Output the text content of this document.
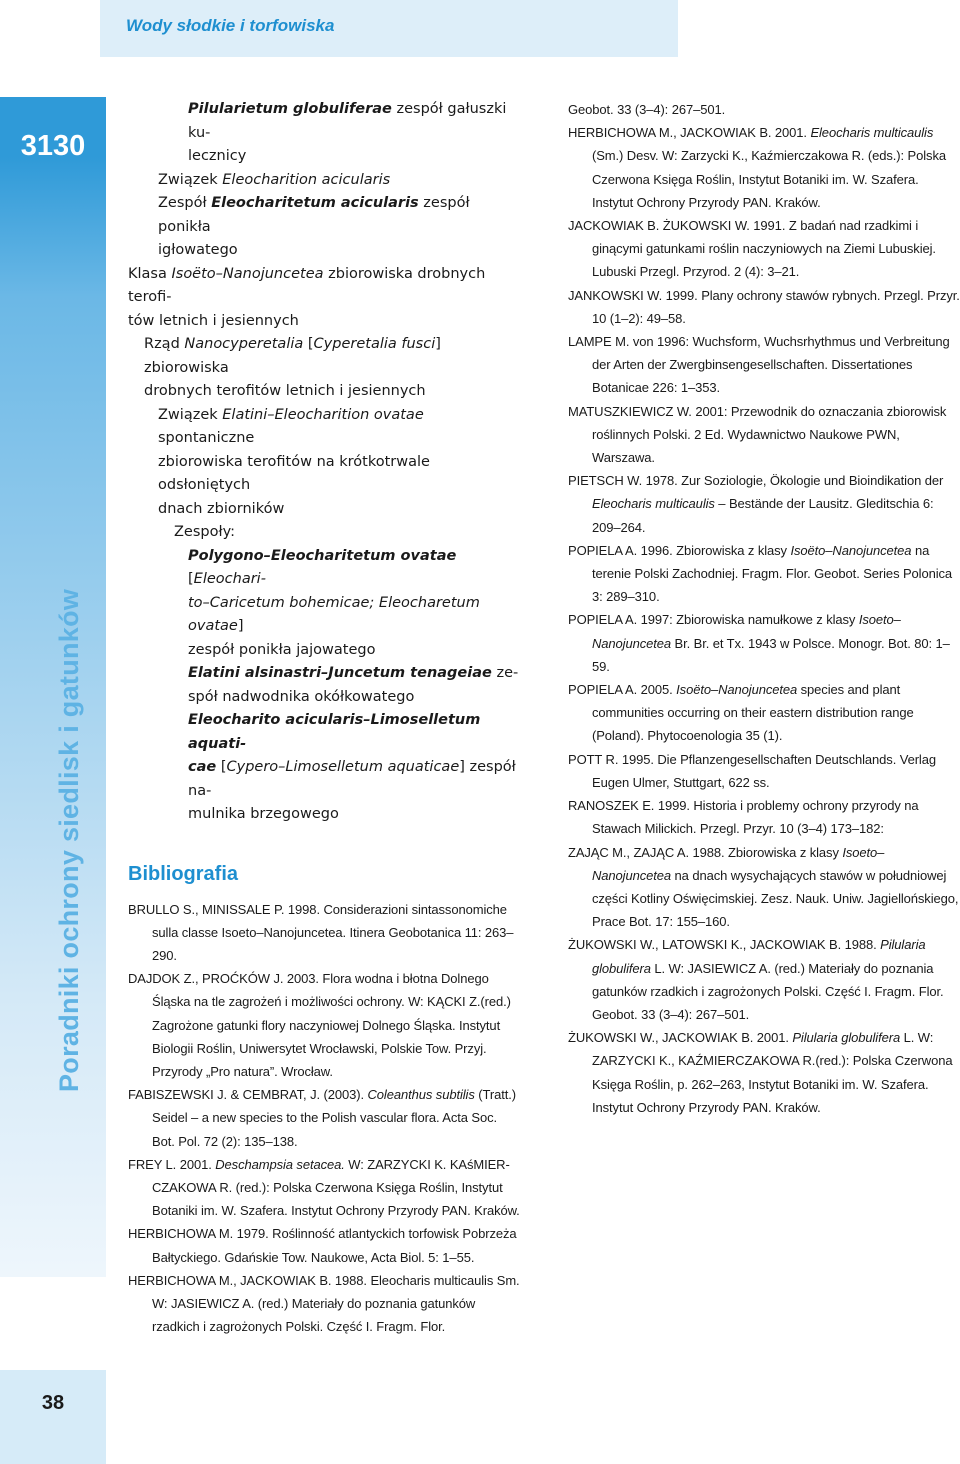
Wody słodkie i torfowiska
3130
Poradniki ochrony siedlisk i gatunków
38

Pilularietum globuliferae zespół gałuszki ku-

lecznicy

Związek Eleocharition acicularis

Zespół Eleocharitetum acicularis zespół ponikła

igłowatego

Klasa Isoëto–Nanojuncetea zbiorowiska drobnych terofi-

tów letnich i jesiennych

Rząd Nanocyperetalia [Cyperetalia fusci] zbiorowiska

drobnych terofitów letnich i jesiennych

Związek Elatini–Eleocharition ovatae spontaniczne

zbiorowiska terofitów na krótkotrwale odsłoniętych

dnach zbiorników

Zespoły:

Polygono–Eleocharitetum ovatae [Eleochari-

to–Caricetum bohemicae; Eleocharetum ovatae]

zespół ponikła jajowatego

Elatini alsinastri–Juncetum tenageiae ze-

spół nadwodnika okółkowatego

Eleocharito acicularis–Limoselletum aquati-

cae [Cypero–Limoselletum aquaticae] zespół na-

mulnika brzegowego

Bibliografia

BRULLO S., MINISSALE P. 1998. Considerazioni sintassonomiche sulla classe Isoeto–Nanojuncetea. Itinera Geobotanica 11: 263–290.

DAJDOK Z., PROĆKÓW J. 2003. Flora wodna i błotna Dolnego Śląska na tle zagrożeń i możliwości ochrony. W: KĄCKI Z.(red.) Zagrożone gatunki flory naczyniowej Dolnego Śląska. Instytut Biologii Roślin, Uniwersytet Wrocławski, Polskie Tow. Przyj. Przyrody „Pro natura”. Wrocław.

FABISZEWSKI J. & CEMBRAT, J. (2003). Coleanthus subtilis (Tratt.) Seidel – a new species to the Polish vascular flora. Acta Soc. Bot. Pol. 72 (2): 135–138.

FREY L. 2001. Deschampsia setacea. W: ZARZYCKI K. KAśMIER-CZAKOWA R. (red.): Polska Czerwona Księga Roślin, Instytut Botaniki im. W. Szafera. Instytut Ochrony Przyrody PAN. Kraków.

HERBICHOWA M. 1979. Roślinność atlantyckich torfowisk Pobrzeża Bałtyckiego. Gdańskie Tow. Naukowe, Acta Biol. 5: 1–55.

HERBICHOWA M., JACKOWIAK B. 1988. Eleocharis multicaulis Sm. W: JASIEWICZ A. (red.) Materiały do poznania gatunków rzadkich i zagrożonych Polski. Część I. Fragm. Flor.

Geobot. 33 (3–4): 267–501.

HERBICHOWA M., JACKOWIAK B. 2001. Eleocharis multicaulis (Sm.) Desv. W: Zarzycki K., Kaźmierczakowa R. (eds.): Polska Czerwona Księga Roślin, Instytut Botaniki im. W. Szafera. Instytut Ochrony Przyrody PAN. Kraków.

JACKOWIAK B. ŻUKOWSKI W. 1991. Z badań nad rzadkimi i ginącymi gatunkami roślin naczyniowych na Ziemi Lubuskiej. Lubuski Przegl. Przyrod. 2 (4): 3–21.

JANKOWSKI W. 1999. Plany ochrony stawów rybnych. Przegl. Przyr. 10 (1–2): 49–58.

LAMPE M. von 1996: Wuchsform, Wuchsrhythmus und Verbreitung der Arten der Zwergbinsengesellschaften. Dissertationes Botanicae 226: 1–353.

MATUSZKIEWICZ W. 2001: Przewodnik do oznaczania zbiorowisk roślinnych Polski. 2 Ed. Wydawnictwo Naukowe PWN, Warszawa.

PIETSCH W. 1978. Zur Soziologie, Ökologie und Bioindikation der Eleocharis multicaulis – Bestände der Lausitz. Gleditschia 6: 209–264.

POPIELA A. 1996. Zbiorowiska z klasy Isoëto–Nanojuncetea na terenie Polski Zachodniej. Fragm. Flor. Geobot. Series Polonica 3: 289–310.

POPIELA A. 1997: Zbiorowiska namułkowe z klasy Isoeto–Nanojuncetea Br. Br. et Tx. 1943 w Polsce. Monogr. Bot. 80: 1–59.

POPIELA A. 2005. Isoëto–Nanojuncetea species and plant communities occurring on their eastern distribution range (Poland). Phytocoenologia 35 (1).

POTT R. 1995. Die Pflanzengesellschaften Deutschlands. Verlag Eugen Ulmer, Stuttgart, 622 ss.

RANOSZEK E. 1999. Historia i problemy ochrony przyrody na Stawach Milickich. Przegl. Przyr. 10 (3–4) 173–182:

ZAJĄC M., ZAJĄC A. 1988. Zbiorowiska z klasy Isoeto–Nanojuncetea na dnach wysychających stawów w południowej części Kotliny Oświęcimskiej. Zesz. Nauk. Uniw. Jagiellońskiego, Prace Bot. 17: 155–160.

ŻUKOWSKI W., LATOWSKI K., JACKOWIAK B. 1988. Pilularia globulifera L. W: JASIEWICZ A. (red.) Materiały do poznania gatunków rzadkich i zagrożonych Polski. Część I. Fragm. Flor. Geobot. 33 (3–4): 267–501.

ŻUKOWSKI W., JACKOWIAK B. 2001. Pilularia globulifera L. W: ZARZYCKI K., KAŹMIERCZAKOWA R.(red.): Polska Czerwona Księga Roślin, p. 262–263, Instytut Botaniki im. W. Szafera. Instytut Ochrony Przyrody PAN. Kraków.
